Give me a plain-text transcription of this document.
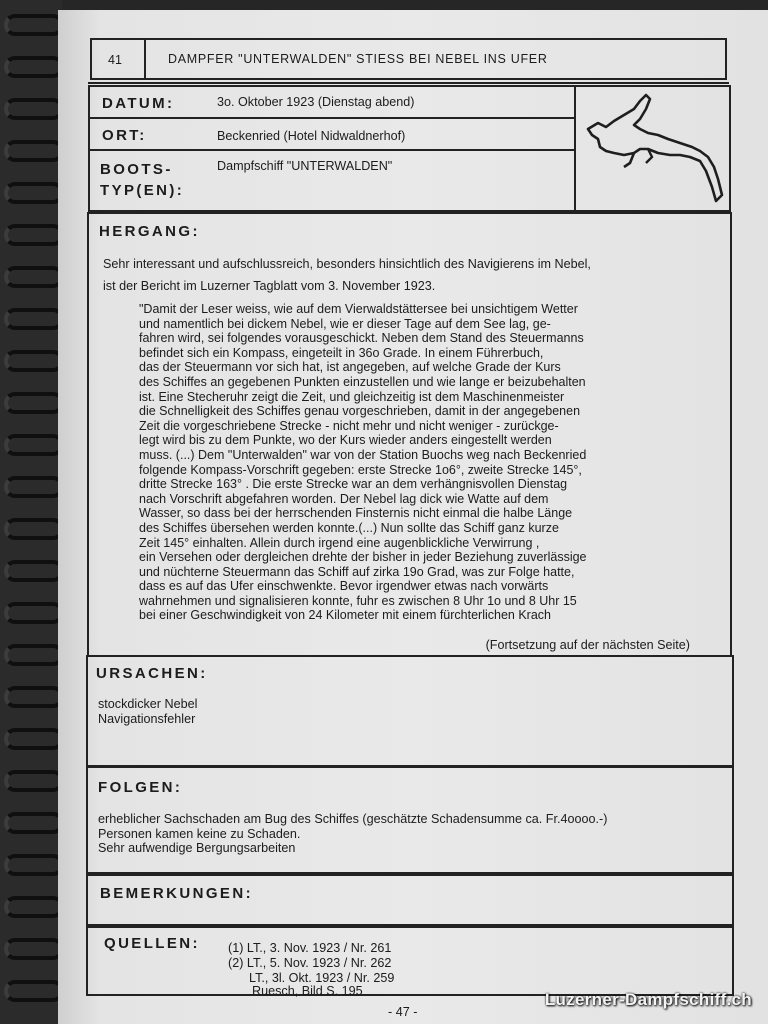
41	DAMPFER "UNTERWALDEN" STIESS BEI NEBEL INS UFER
DATUM:	3o. Oktober 1923 (Dienstag abend)
ORT:	Beckenried (Hotel Nidwaldnerhof)
BOOTS-
TYP(EN):
Dampfschiff "UNTERWALDEN"
HERGANG:
Sehr interessant und aufschlussreich, besonders hinsichtlich des Navigierens im Nebel,
ist der Bericht im Luzerner Tagblatt vom 3. November 1923.
"Damit der Leser weiss, wie auf dem Vierwaldstättersee bei unsichtigem Wetter
und namentlich bei dickem Nebel, wie er dieser Tage auf dem See lag, ge-
fahren wird, sei folgendes vorausgeschickt. Neben dem Stand des Steuermanns
befindet sich ein Kompass, eingeteilt in 36o Grade. In einem Führerbuch,
das der Steuermann vor sich hat, ist angegeben, auf welche Grade der Kurs
des Schiffes an gegebenen Punkten einzustellen und wie lange er beizubehalten
ist. Eine Stecheruhr zeigt die Zeit, und gleichzeitig ist dem Maschinenmeister
die Schnelligkeit des Schiffes genau vorgeschrieben, damit in der angegebenen
Zeit die vorgeschriebene Strecke - nicht mehr und nicht weniger - zurückge-
legt wird bis zu dem Punkte, wo der Kurs wieder anders eingestellt werden
muss. (...) Dem "Unterwalden" war von der Station Buochs weg nach Beckenried
folgende Kompass-Vorschrift gegeben: erste Strecke 1o6°, zweite Strecke 145°,
dritte Strecke 163° . Die erste Strecke war an dem verhängnisvollen Dienstag
nach Vorschrift abgefahren worden. Der Nebel lag dick wie Watte auf dem
Wasser, so dass bei der herrschenden Finsternis nicht einmal die halbe Länge
des Schiffes übersehen werden konnte.(...) Nun sollte das Schiff ganz kurze
Zeit 145° einhalten. Allein durch irgend eine augenblickliche Verwirrung ,
ein Versehen oder dergleichen drehte der bisher in jeder Beziehung zuverlässige
und nüchterne Steuermann das Schiff auf zirka 19o Grad, was zur Folge hatte,
dass es auf das Ufer einschwenkte. Bevor irgendwer etwas nach vorwärts
wahrnehmen und signalisieren konnte, fuhr es zwischen 8 Uhr 1o und 8 Uhr 15
bei einer Geschwindigkeit von 24 Kilometer mit einem fürchterlichen Krach
(Fortsetzung auf der nächsten Seite)
URSACHEN:
stockdicker Nebel
Navigationsfehler
FOLGEN:
erheblicher Sachschaden am Bug des Schiffes (geschätzte Schadensumme ca. Fr.4oooo.-)
Personen kamen keine zu Schaden.
Sehr aufwendige Bergungsarbeiten
BEMERKUNGEN:
QUELLEN: (1) LT., 3. Nov. 1923 / Nr. 261
(2) LT., 5. Nov. 1923 / Nr. 262
LT., 3l. Okt. 1923 / Nr. 259
Ruesch, Bild S. 195
- 47 -
Luzerner-Dampfschiff.ch
